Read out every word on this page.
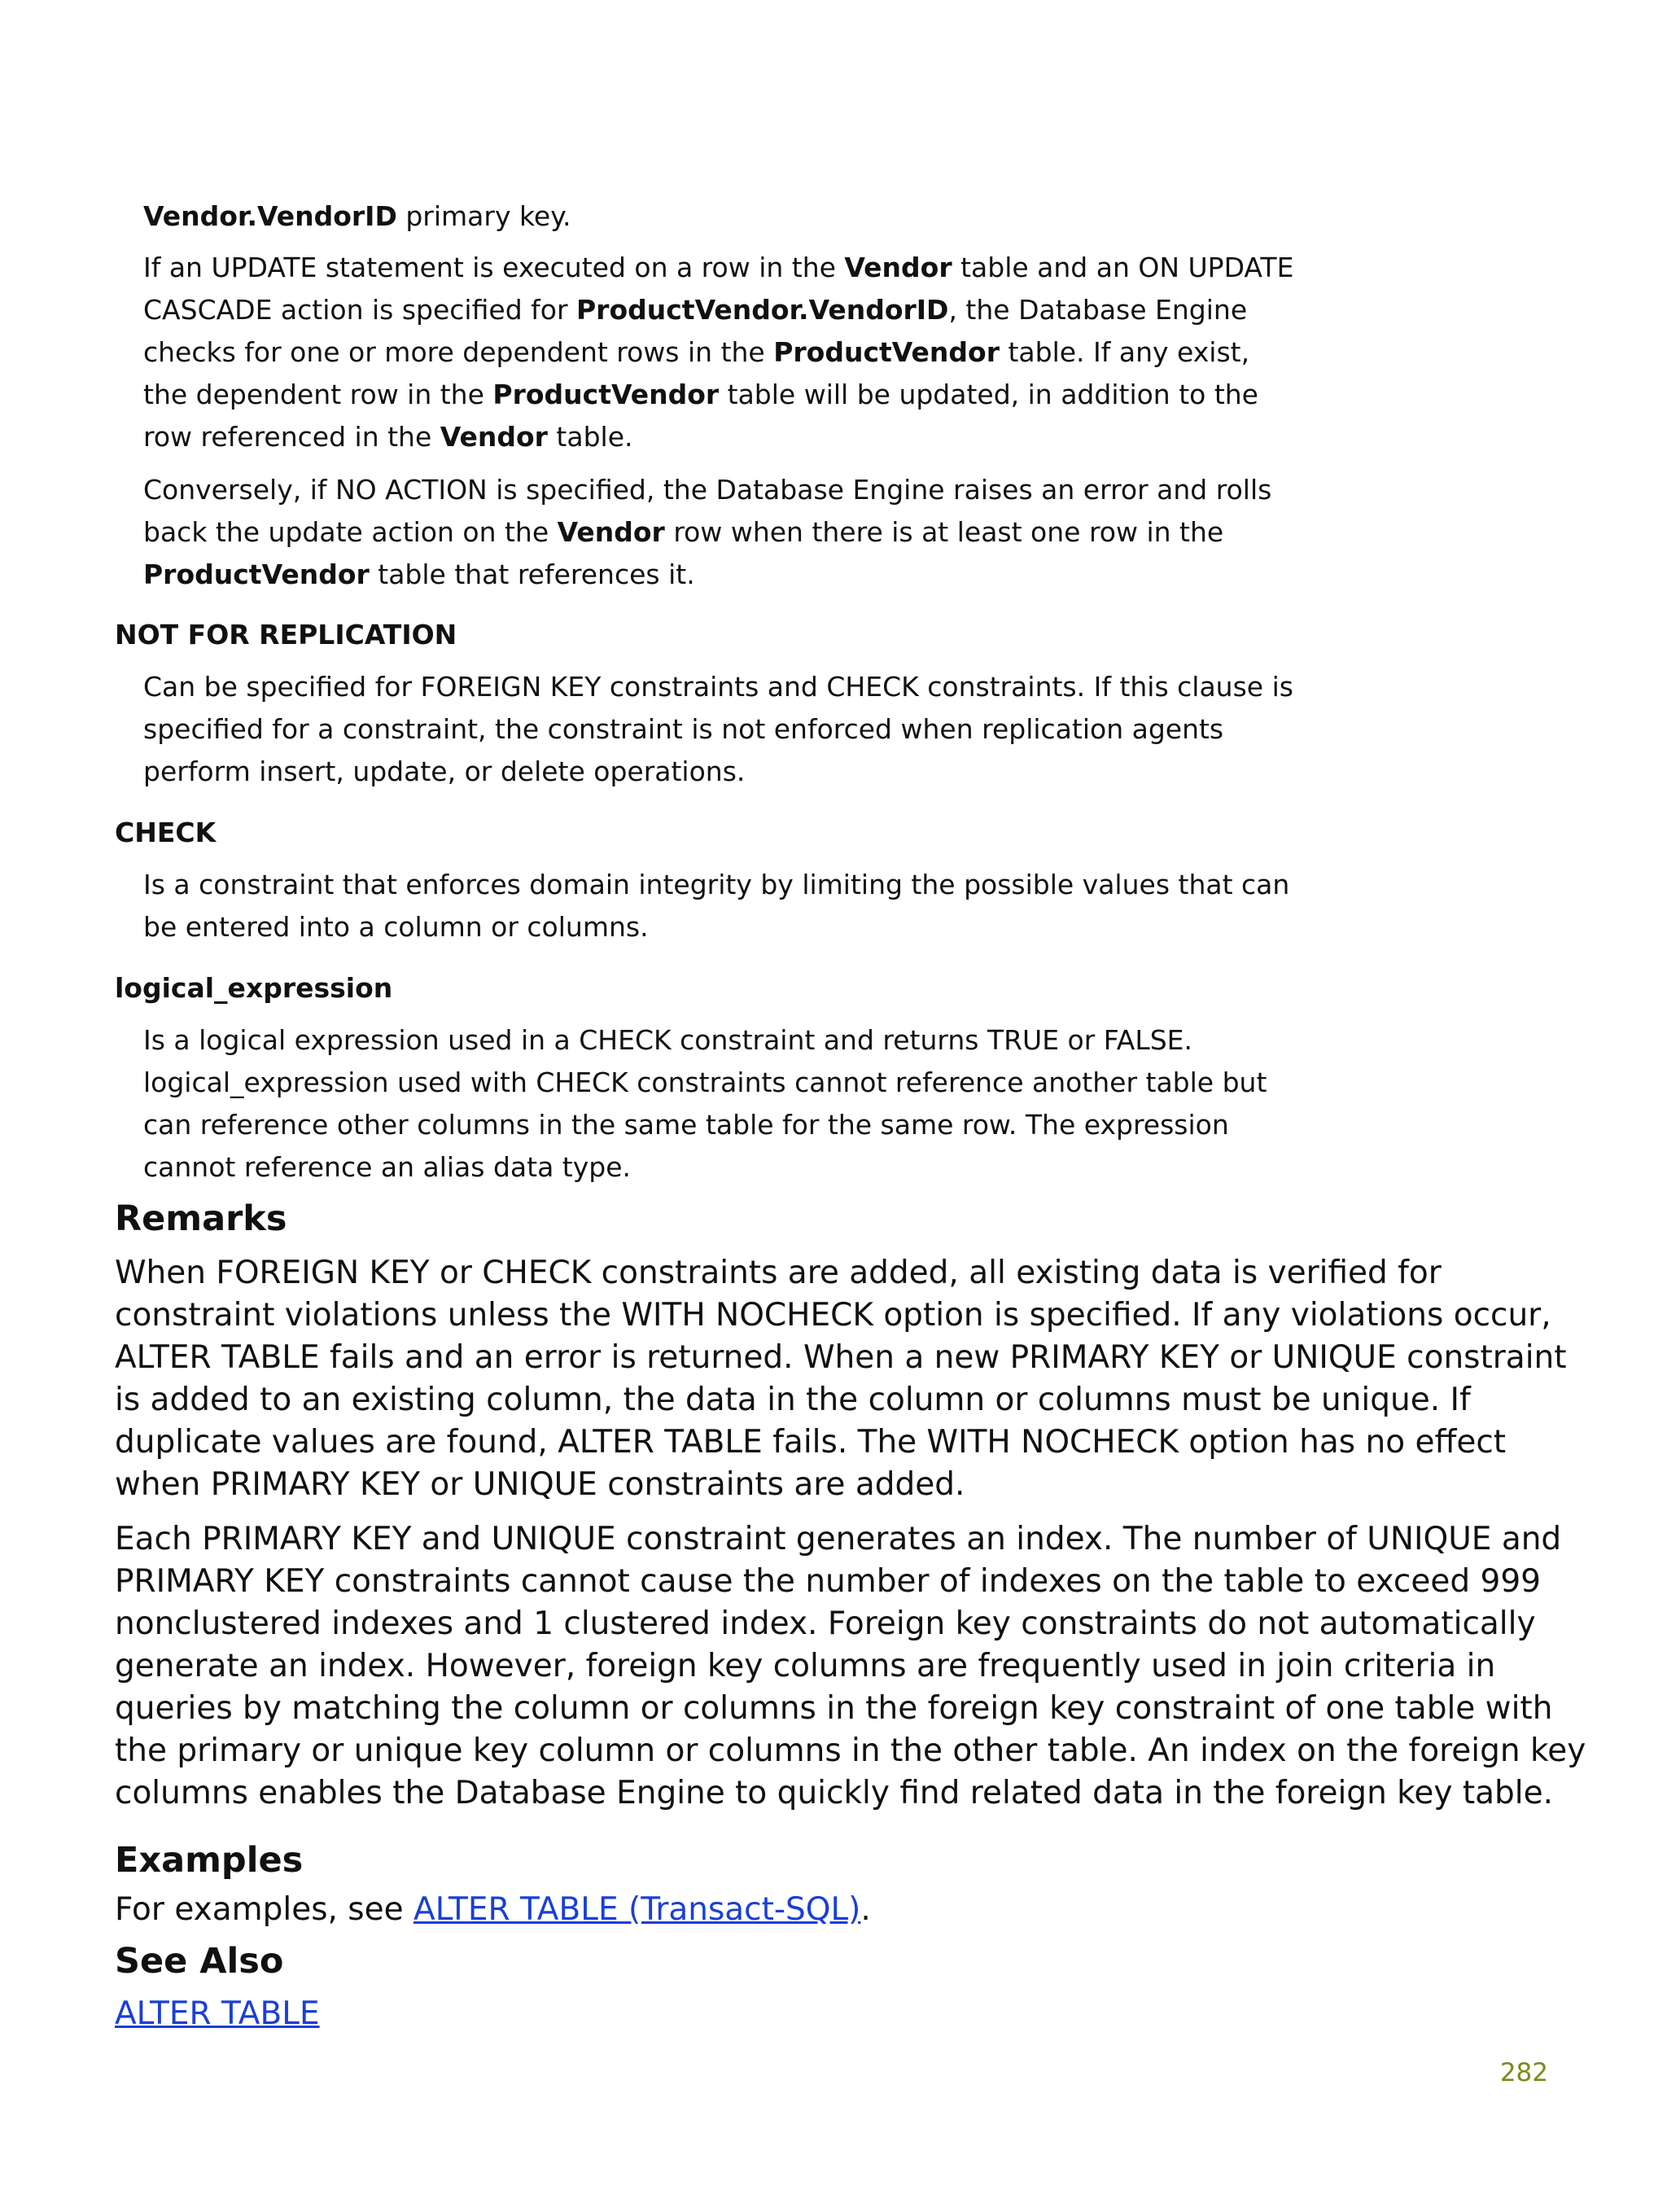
Vendor.VendorID primary key.

If an UPDATE statement is executed on a row in the Vendor table and an ON UPDATE CASCADE action is specified for ProductVendor.VendorID, the Database Engine checks for one or more dependent rows in the ProductVendor table. If any exist, the dependent row in the ProductVendor table will be updated, in addition to the row referenced in the Vendor table.

Conversely, if NO ACTION is specified, the Database Engine raises an error and rolls back the update action on the Vendor row when there is at least one row in the ProductVendor table that references it.

NOT FOR REPLICATION

Can be specified for FOREIGN KEY constraints and CHECK constraints. If this clause is specified for a constraint, the constraint is not enforced when replication agents perform insert, update, or delete operations.

CHECK

Is a constraint that enforces domain integrity by limiting the possible values that can be entered into a column or columns.

logical_expression

Is a logical expression used in a CHECK constraint and returns TRUE or FALSE. logical_expression used with CHECK constraints cannot reference another table but can reference other columns in the same table for the same row. The expression cannot reference an alias data type.

Remarks

When FOREIGN KEY or CHECK constraints are added, all existing data is verified for constraint violations unless the WITH NOCHECK option is specified. If any violations occur, ALTER TABLE fails and an error is returned. When a new PRIMARY KEY or UNIQUE constraint is added to an existing column, the data in the column or columns must be unique. If duplicate values are found, ALTER TABLE fails. The WITH NOCHECK option has no effect when PRIMARY KEY or UNIQUE constraints are added.

Each PRIMARY KEY and UNIQUE constraint generates an index. The number of UNIQUE and PRIMARY KEY constraints cannot cause the number of indexes on the table to exceed 999 nonclustered indexes and 1 clustered index. Foreign key constraints do not automatically generate an index. However, foreign key columns are frequently used in join criteria in queries by matching the column or columns in the foreign key constraint of one table with the primary or unique key column or columns in the other table. An index on the foreign key columns enables the Database Engine to quickly find related data in the foreign key table.

Examples

For examples, see ALTER TABLE (Transact-SQL).

See Also

ALTER TABLE

282
